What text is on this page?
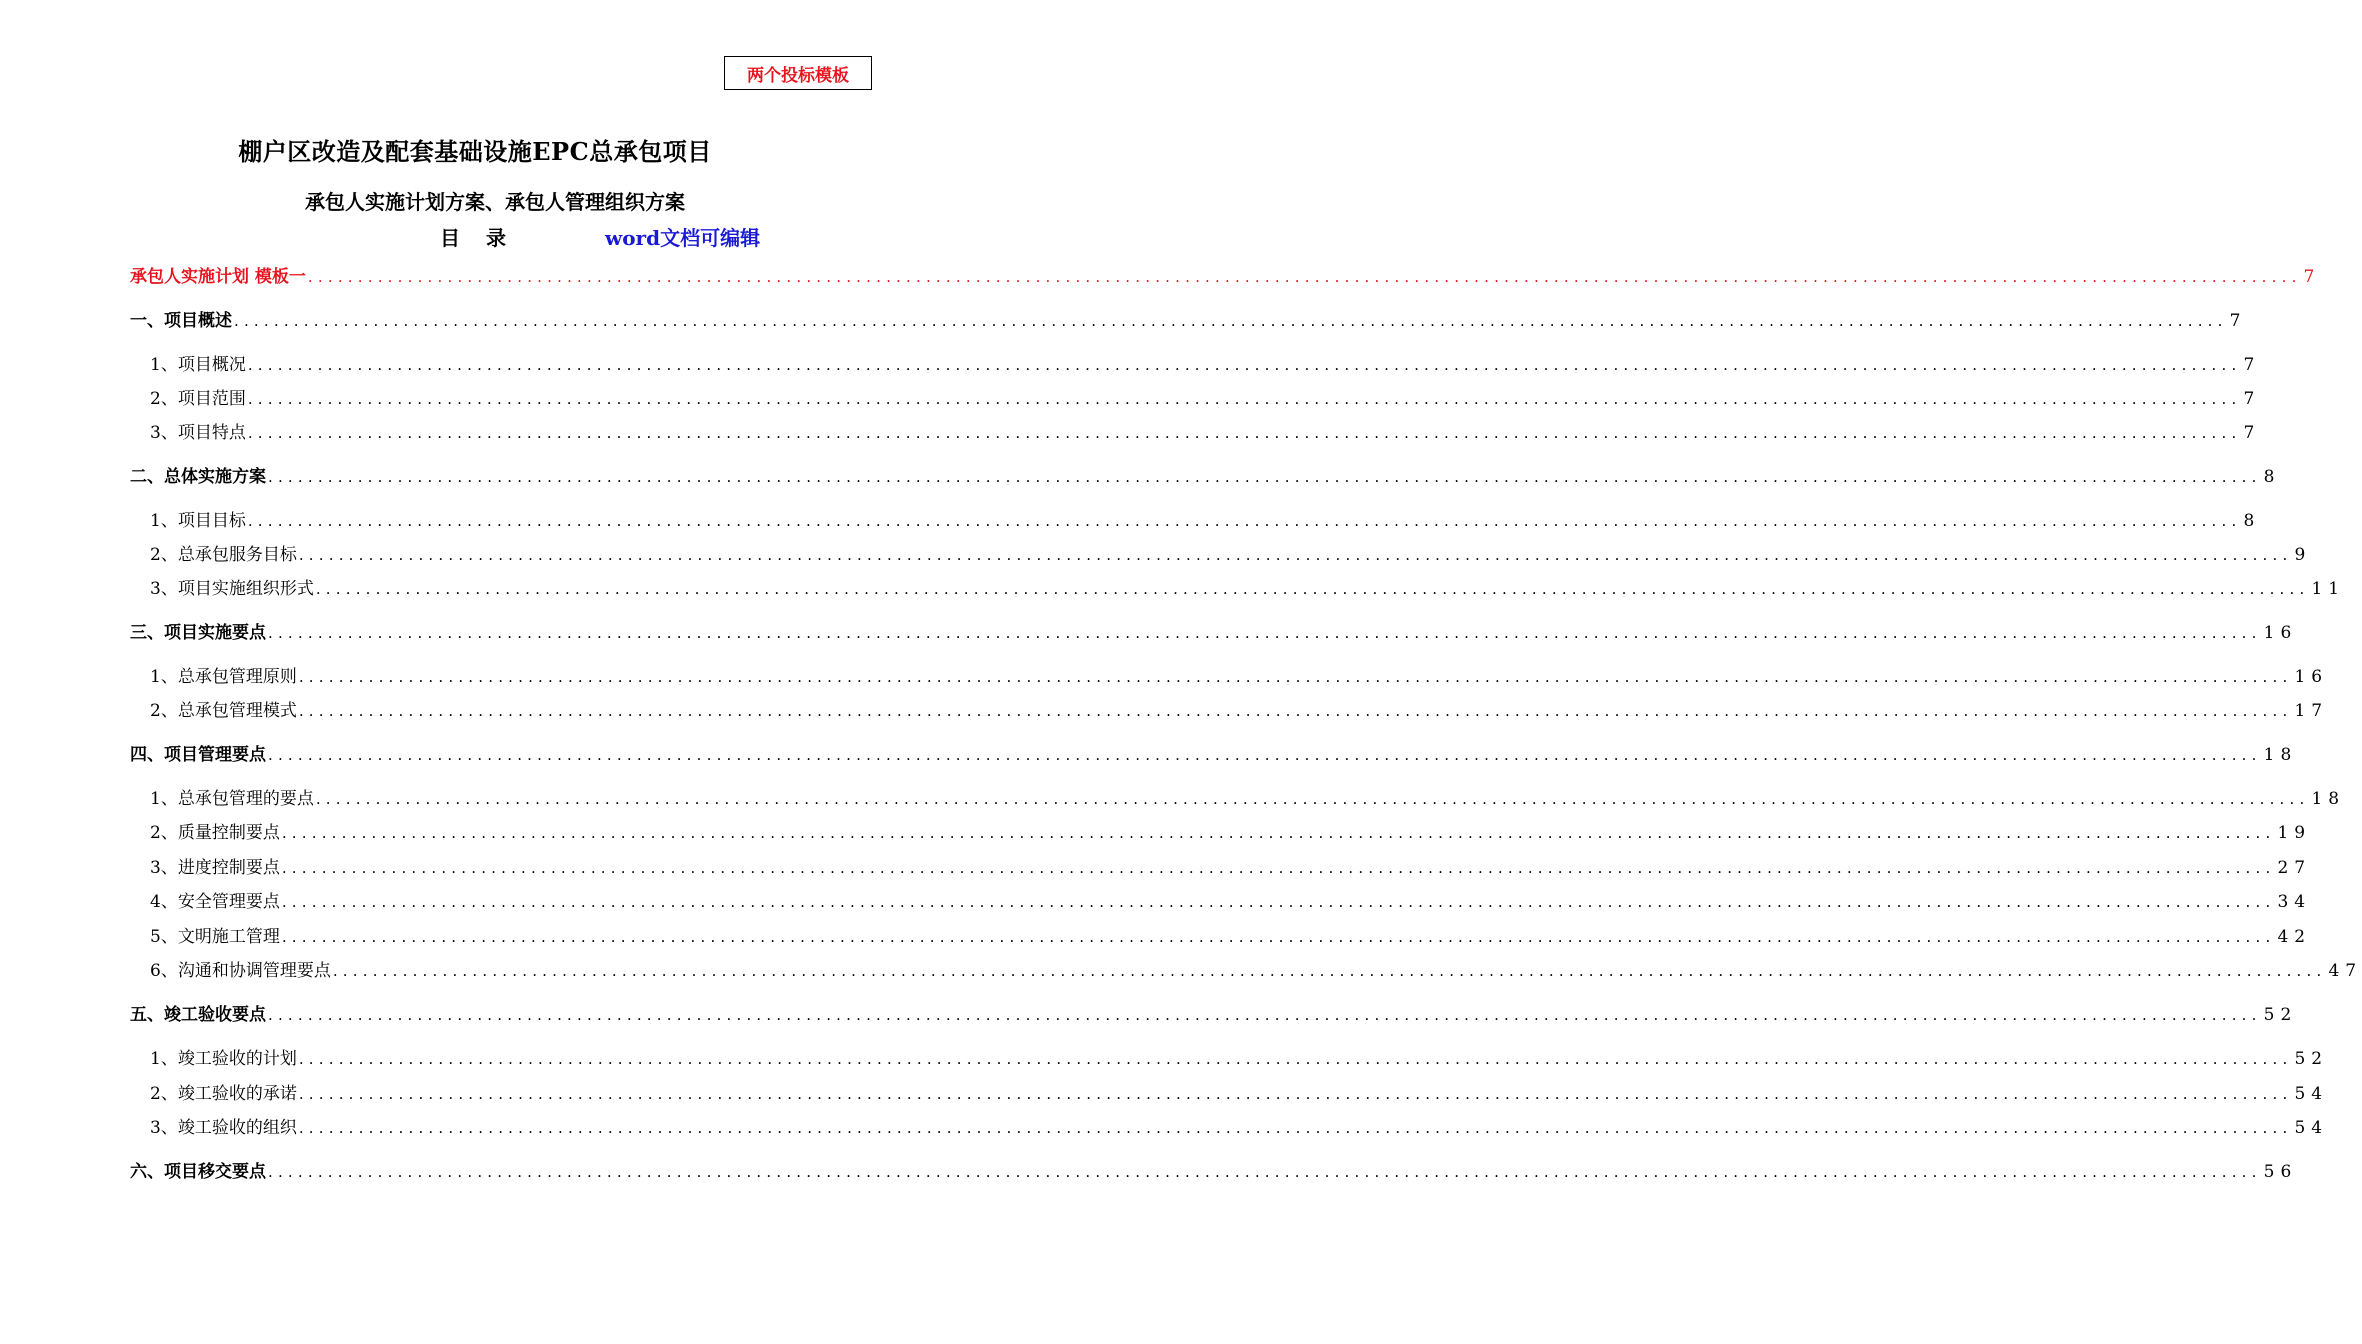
两个投标模板
棚户区改造及配套基础设施EPC总承包项目
承包人实施计划方案、承包人管理组织方案
目 录	word文档可编辑
承包人实施计划 模板一 ........................................................................................................................................................................................................ 7
一、项目概述 ........................................................................................................................................................................................................ 7
1、项目概况 ........................................................................................................................................................................................................ 7
2、项目范围 ........................................................................................................................................................................................................ 7
3、项目特点 ........................................................................................................................................................................................................ 7
二、总体实施方案 ........................................................................................................................................................................................................ 8
1、项目目标 ........................................................................................................................................................................................................ 8
2、总承包服务目标 ........................................................................................................................................................................................................ 9
3、项目实施组织形式 ........................................................................................................................................................................................................ 11
三、项目实施要点 ........................................................................................................................................................................................................ 16
1、总承包管理原则 ........................................................................................................................................................................................................ 16
2、总承包管理模式 ........................................................................................................................................................................................................ 17
四、项目管理要点 ........................................................................................................................................................................................................ 18
1、总承包管理的要点 ........................................................................................................................................................................................................ 18
2、质量控制要点 ........................................................................................................................................................................................................ 19
3、进度控制要点 ........................................................................................................................................................................................................ 27
4、安全管理要点 ........................................................................................................................................................................................................ 34
5、文明施工管理 ........................................................................................................................................................................................................ 42
6、沟通和协调管理要点 ........................................................................................................................................................................................................ 47
五、竣工验收要点 ........................................................................................................................................................................................................ 52
1、竣工验收的计划 ........................................................................................................................................................................................................ 52
2、竣工验收的承诺 ........................................................................................................................................................................................................ 54
3、竣工验收的组织 ........................................................................................................................................................................................................ 54
六、项目移交要点 ........................................................................................................................................................................................................ 56
